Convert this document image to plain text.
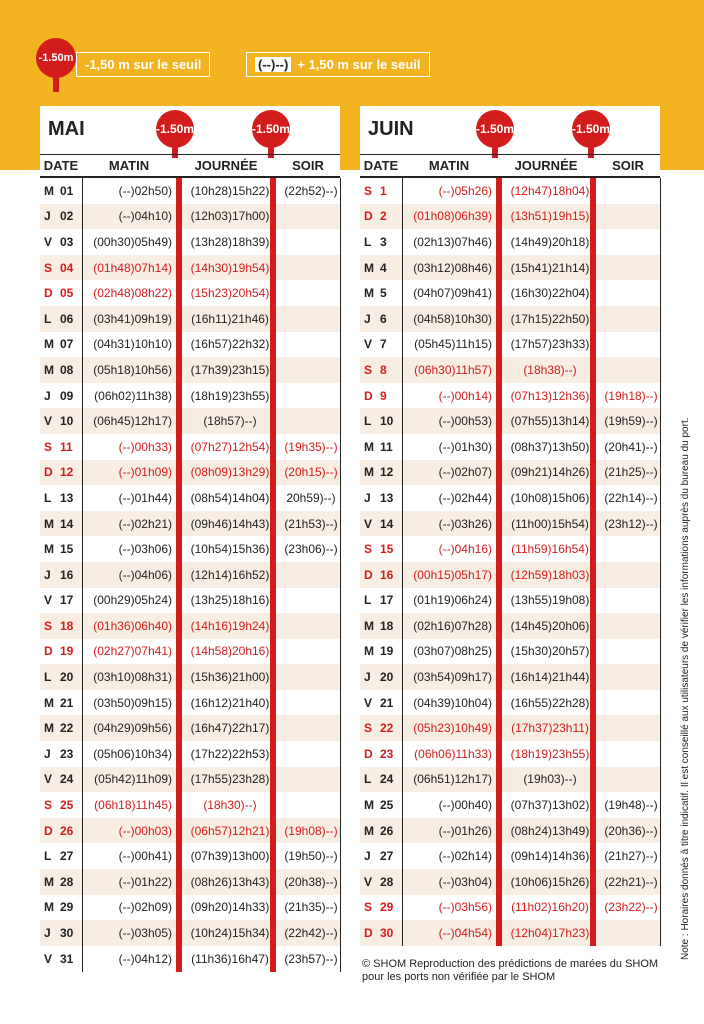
-1.50m -1,50 m sur le seuil	(--)--) + 1,50 m sur le seuil
MAI	-1.50m	-1.50m
DATE	MATIN	JOURNÉE	SOIR
M 01	(--)02h50)	(10h28)15h22)	(22h52)--)
J 02	(--)04h10)	(12h03)17h00)
V 03	(00h30)05h49)	(13h28)18h39)
S 04	(01h48)07h14)	(14h30)19h54)
D 05	(02h48)08h22)	(15h23)20h54)
L 06	(03h41)09h19)	(16h11)21h46)
M 07	(04h31)10h10)	(16h57)22h32)
M 08	(05h18)10h56)	(17h39)23h15)
J 09	(06h02)11h38)	(18h19)23h55)
V 10	(06h45)12h17)	(18h57)--)
S 11	(--)00h33)	(07h27)12h54)	(19h35)--)
D 12	(--)01h09)	(08h09)13h29)	(20h15)--)
L 13	(--)01h44)	(08h54)14h04)	20h59)--)
M 14	(--)02h21)	(09h46)14h43)	(21h53)--)
M 15	(--)03h06)	(10h54)15h36)	(23h06)--)
J 16	(--)04h06)	(12h14)16h52)
V 17	(00h29)05h24)	(13h25)18h16)
S 18	(01h36)06h40)	(14h16)19h24)
D 19	(02h27)07h41)	(14h58)20h16)
L 20	(03h10)08h31)	(15h36)21h00)
M 21	(03h50)09h15)	(16h12)21h40)
M 22	(04h29)09h56)	(16h47)22h17)
J 23	(05h06)10h34)	(17h22)22h53)
V 24	(05h42)11h09)	(17h55)23h28)
S 25	(06h18)11h45)	(18h30)--)
D 26	(--)00h03)	(06h57)12h21)	(19h08)--)
L 27	(--)00h41)	(07h39)13h00)	(19h50)--)
M 28	(--)01h22)	(08h26)13h43)	(20h38)--)
M 29	(--)02h09)	(09h20)14h33)	(21h35)--)
J 30	(--)03h05)	(10h24)15h34)	(22h42)--)
V 31	(--)04h12)	(11h36)16h47)	(23h57)--)
JUIN	-1.50m	-1.50m
DATE	MATIN	JOURNÉE	SOIR
S 1	(--)05h26)	(12h47)18h04)
D 2	(01h08)06h39)	(13h51)19h15)
L 3	(02h13)07h46)	(14h49)20h18)
M 4	(03h12)08h46)	(15h41)21h14)
M 5	(04h07)09h41)	(16h30)22h04)
J 6	(04h58)10h30)	(17h15)22h50)
V 7	(05h45)11h15)	(17h57)23h33)
S 8	(06h30)11h57)	(18h38)--)
D 9	(--)00h14)	(07h13)12h36)	(19h18)--)
L 10	(--)00h53)	(07h55)13h14)	(19h59)--)
M 11	(--)01h30)	(08h37)13h50)	(20h41)--)
M 12	(--)02h07)	(09h21)14h26)	(21h25)--)
J 13	(--)02h44)	(10h08)15h06)	(22h14)--)
V 14	(--)03h26)	(11h00)15h54)	(23h12)--)
S 15	(--)04h16)	(11h59)16h54)
D 16	(00h15)05h17)	(12h59)18h03)
L 17	(01h19)06h24)	(13h55)19h08)
M 18	(02h16)07h28)	(14h45)20h06)
M 19	(03h07)08h25)	(15h30)20h57)
J 20	(03h54)09h17)	(16h14)21h44)
V 21	(04h39)10h04)	(16h55)22h28)
S 22	(05h23)10h49)	(17h37)23h11)
D 23	(06h06)11h33)	(18h19)23h55)
L 24	(06h51)12h17)	(19h03)--)
M 25	(--)00h40)	(07h37)13h02)	(19h48)--)
M 26	(--)01h26)	(08h24)13h49)	(20h36)--)
J 27	(--)02h14)	(09h14)14h36)	(21h27)--)
V 28	(--)03h04)	(10h06)15h26)	(22h21)--)
S 29	(--)03h56)	(11h02)16h20)	(23h22)--)
D 30	(--)04h54)	(12h04)17h23)
© SHOM Reproduction des prédictions de marées du SHOM pour les ports non vérifiée par le SHOM
Note : Horaires donnés à titre indicatif. Il est conseillé aux utilisateurs de vérifier les informations auprès du bureau du port.
